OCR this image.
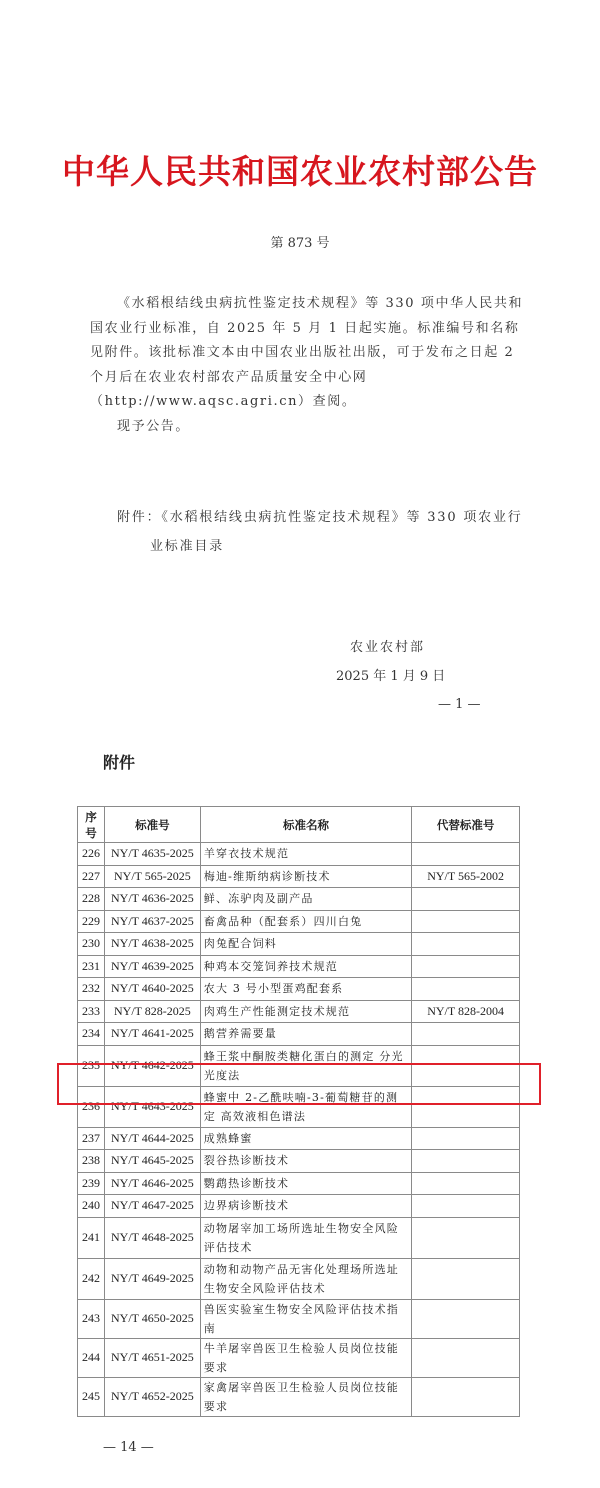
中华人民共和国农业农村部公告
第 873 号

《水稻根结线虫病抗性鉴定技术规程》等 330 项中华人民共和国农业行业标准，自 2025 年 5 月 1 日起实施。标准编号和名称见附件。该批标准文本由中国农业出版社出版，可于发布之日起 2 个月后在农业农村部农产品质量安全中心网（http://www.aqsc.agri.cn）查阅。

现予公告。

附件：《水稻根结线虫病抗性鉴定技术规程》等 330 项农业行
业标准目录
农业农村部
2025 年 1 月 9 日
— 1 —
附件
序号	标准号	标准名称	代替标准号
226	NY/T 4635-2025	羊穿衣技术规范	
227	NY/T 565-2025	梅迪-维斯纳病诊断技术	NY/T 565-2002
228	NY/T 4636-2025	鲜、冻驴肉及副产品	
229	NY/T 4637-2025	畜禽品种（配套系）四川白兔	
230	NY/T 4638-2025	肉兔配合饲料	
231	NY/T 4639-2025	种鸡本交笼饲养技术规范	
232	NY/T 4640-2025	农大 3 号小型蛋鸡配套系	
233	NY/T 828-2025	肉鸡生产性能测定技术规范	NY/T 828-2004
234	NY/T 4641-2025	鹅营养需要量	
235	NY/T 4642-2025	蜂王浆中酮胺类糖化蛋白的测定 分光光度法	
236	NY/T 4643-2025	蜂蜜中 2-乙酰呋喃-3-葡萄糖苷的测定 高效液相色谱法	
237	NY/T 4644-2025	成熟蜂蜜	
238	NY/T 4645-2025	裂谷热诊断技术	
239	NY/T 4646-2025	鹦鹉热诊断技术	
240	NY/T 4647-2025	边界病诊断技术	
241	NY/T 4648-2025	动物屠宰加工场所选址生物安全风险评估技术	
242	NY/T 4649-2025	动物和动物产品无害化处理场所选址生物安全风险评估技术	
243	NY/T 4650-2025	兽医实验室生物安全风险评估技术指南	
244	NY/T 4651-2025	牛羊屠宰兽医卫生检验人员岗位技能要求	
245	NY/T 4652-2025	家禽屠宰兽医卫生检验人员岗位技能要求	
— 14 —
